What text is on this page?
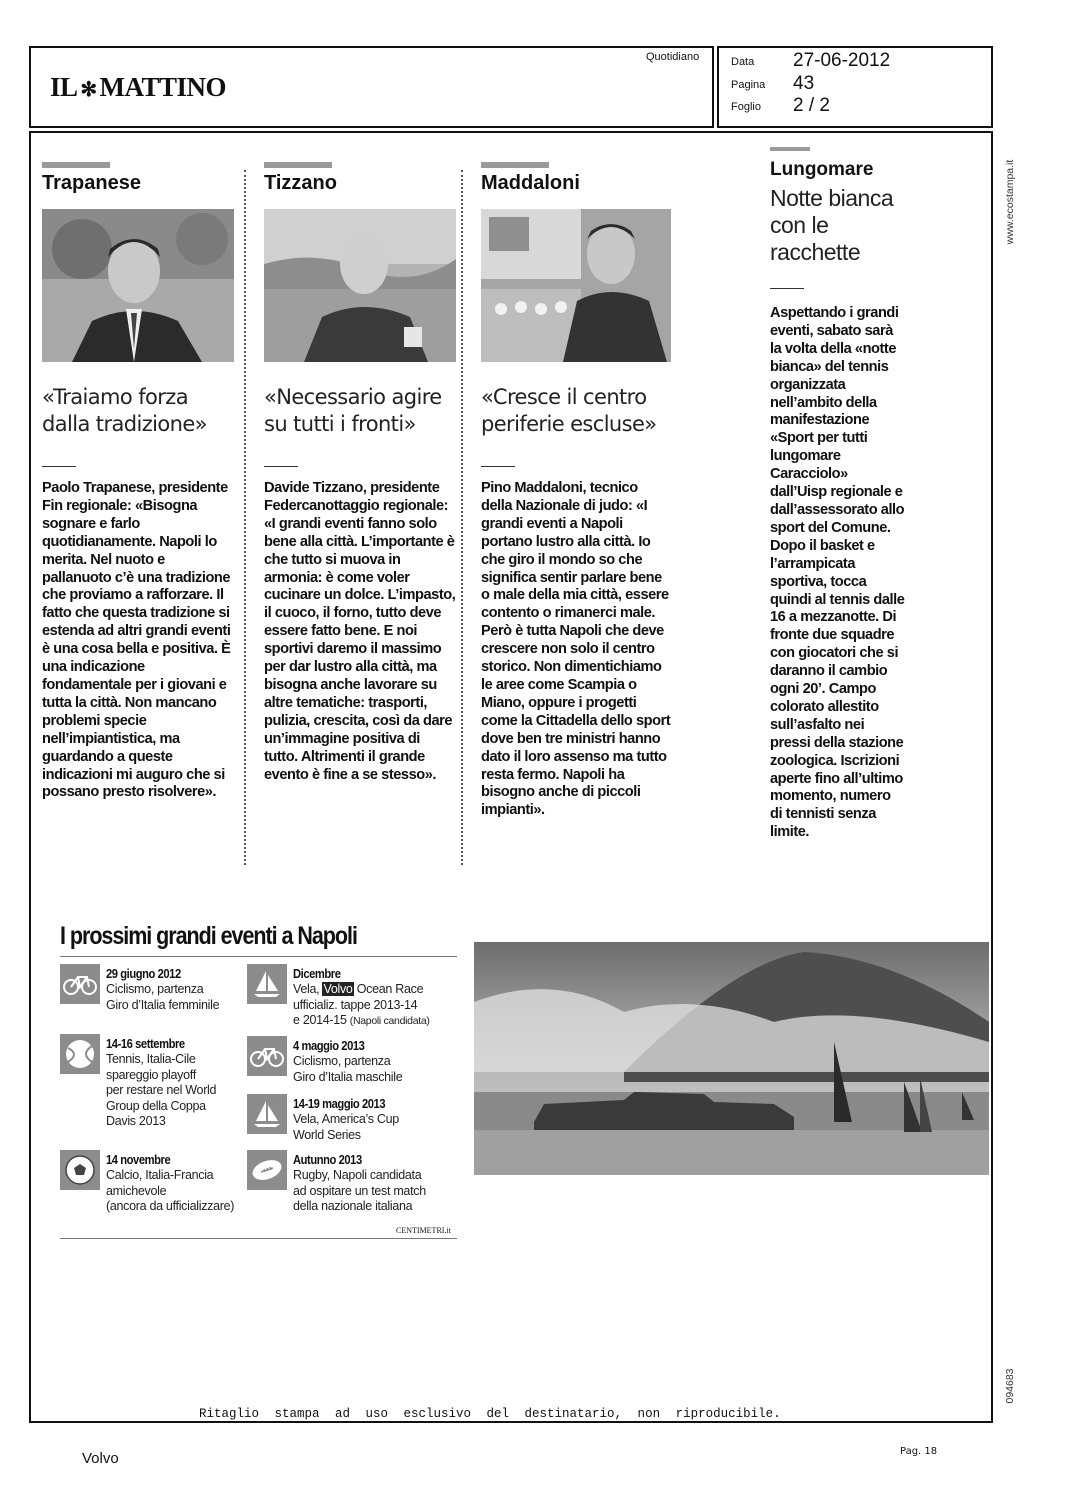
IL ✻ MATTINO
Quotidiano	Data 27-06-2012
Pagina 43
Foglio 2 / 2
Trapanese
«Traiamo forza dalla tradizione»
Paolo Trapanese, presidente Fin regionale: «Bisogna sognare e farlo quotidianamente. Napoli lo merita. Nel nuoto e pallanuoto c’è una tradizione che proviamo a rafforzare. Il fatto che questa tradizione si estenda ad altri grandi eventi è una cosa bella e positiva. È una indicazione fondamentale per i giovani e tutta la città. Non mancano problemi specie nell’impiantistica, ma guardando a queste indicazioni mi auguro che si possano presto risolvere».
Tizzano
«Necessario agire su tutti i fronti»
Davide Tizzano, presidente Federcanottaggio regionale: «I grandi eventi fanno solo bene alla città. L’importante è che tutto si muova in armonia: è come voler cucinare un dolce. L’impasto, il cuoco, il forno, tutto deve essere fatto bene. E noi sportivi daremo il massimo per dar lustro alla città, ma bisogna anche lavorare su altre tematiche: trasporti, pulizia, crescita, così da dare un’immagine positiva di tutto. Altrimenti il grande evento è fine a se stesso».
Maddaloni
«Cresce il centro periferie escluse»
Pino Maddaloni, tecnico della Nazionale di judo: «I grandi eventi a Napoli portano lustro alla città. Io che giro il mondo so che significa sentir parlare bene o male della mia città, essere contento o rimanerci male. Però è tutta Napoli che deve crescere non solo il centro storico. Non dimentichiamo le aree come Scampia o Miano, oppure i progetti come la Cittadella dello sport dove ben tre ministri hanno dato il loro assenso ma tutto resta fermo. Napoli ha bisogno anche di piccoli impianti».
Lungomare
Notte bianca con le racchette
Aspettando i grandi eventi, sabato sarà la volta della «notte bianca» del tennis organizzata nell’ambito della manifestazione «Sport per tutti lungomare Caracciolo» dall’Uisp regionale e dall’assessorato allo sport del Comune. Dopo il basket e l’arrampicata sportiva, tocca quindi al tennis dalle 16 a mezzanotte. Di fronte due squadre con giocatori che si daranno il cambio ogni 20’. Campo colorato allestito sull’asfalto nei pressi della stazione zoologica. Iscrizioni aperte fino all’ultimo momento, numero di tennisti senza limite.
I prossimi grandi eventi a Napoli
29 giugno 2012
Ciclismo, partenza
Giro d’Italia femminile
14-16 settembre
Tennis, Italia-Cile
spareggio playoff
per restare nel World
Group della Coppa
Davis 2013
14 novembre
Calcio, Italia-Francia
amichevole
(ancora da ufficializzare)
Dicembre
Vela, Volvo Ocean Race
ufficializ. tappe 2013-14
e 2014-15 (Napoli candidata)
4 maggio 2013
Ciclismo, partenza
Giro d’Italia maschile
14-19 maggio 2013
Vela, America’s Cup
World Series
Autunno 2013
Rugby, Napoli candidata
ad ospitare un test match
della nazionale italiana
CENTIMETRI.it
Ritaglio stampa ad uso esclusivo del destinatario, non riproducibile.
www.ecostampa.it
094683
Volvo	Pag. 18
